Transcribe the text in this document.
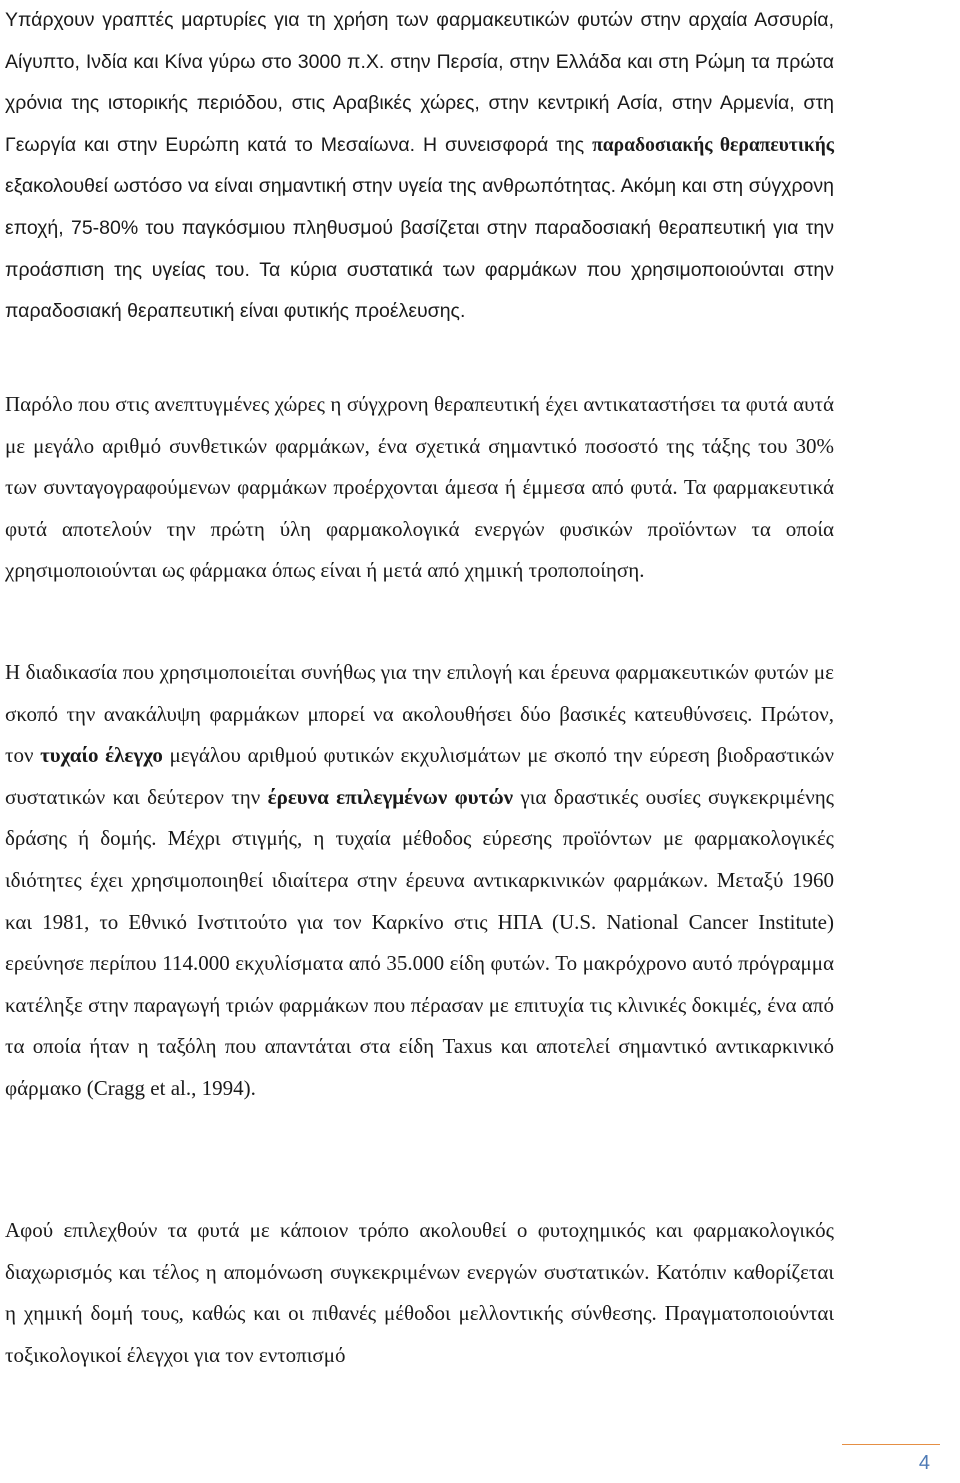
Υπάρχουν γραπτές μαρτυρίες για τη χρήση των φαρμακευτικών φυτών στην αρχαία Ασσυρία, Αίγυπτο, Ινδία και Κίνα γύρω στο 3000 π.Χ. στην Περσία, στην Ελλάδα και στη Ρώμη τα πρώτα χρόνια της ιστορικής περιόδου, στις Αραβικές χώρες, στην κεντρική Ασία, στην Αρμενία, στη Γεωργία και στην Ευρώπη κατά το Μεσαίωνα. Η συνεισφορά της παραδοσιακής θεραπευτικής εξακολουθεί ωστόσο να είναι σημαντική στην υγεία της ανθρωπότητας. Ακόμη και στη σύγχρονη εποχή, 75-80% του παγκόσμιου πληθυσμού βασίζεται στην παραδοσιακή θεραπευτική για την προάσπιση της υγείας του. Τα κύρια συστατικά των φαρμάκων που χρησιμοποιούνται στην παραδοσιακή θεραπευτική είναι φυτικής προέλευσης.

Παρόλο που στις ανεπτυγμένες χώρες η σύγχρονη θεραπευτική έχει αντικαταστήσει τα φυτά αυτά με μεγάλο αριθμό συνθετικών φαρμάκων, ένα σχετικά σημαντικό ποσοστό της τάξης του 30% των συνταγογραφούμενων φαρμάκων προέρχονται άμεσα ή έμμεσα από φυτά. Τα φαρμακευτικά φυτά αποτελούν την πρώτη ύλη φαρμακολογικά ενεργών φυσικών προϊόντων τα οποία χρησιμοποιούνται ως φάρμακα όπως είναι ή μετά από χημική τροποποίηση.

Η διαδικασία που χρησιμοποιείται συνήθως για την επιλογή και έρευνα φαρμακευτικών φυτών με σκοπό την ανακάλυψη φαρμάκων μπορεί να ακολουθήσει δύο βασικές κατευθύνσεις. Πρώτον, τον τυχαίο έλεγχο μεγάλου αριθμού φυτικών εκχυλισμάτων με σκοπό την εύρεση βιοδραστικών συστατικών και δεύτερον την έρευνα επιλεγμένων φυτών για δραστικές ουσίες συγκεκριμένης δράσης ή δομής. Μέχρι στιγμής, η τυχαία μέθοδος εύρεσης προϊόντων με φαρμακολογικές ιδιότητες έχει χρησιμοποιηθεί ιδιαίτερα στην έρευνα αντικαρκινικών φαρμάκων. Μεταξύ 1960 και 1981, το Εθνικό Ινστιτούτο για τον Καρκίνο στις ΗΠΑ (U.S. National Cancer Institute) ερεύνησε περίπου 114.000 εκχυλίσματα από 35.000 είδη φυτών. Το μακρόχρονο αυτό πρόγραμμα κατέληξε στην παραγωγή τριών φαρμάκων που πέρασαν με επιτυχία τις κλινικές δοκιμές, ένα από τα οποία ήταν η ταξόλη που απαντάται στα είδη Taxus και αποτελεί σημαντικό αντικαρκινικό φάρμακο (Cragg et al., 1994).

Αφού επιλεχθούν τα φυτά με κάποιον τρόπο ακολουθεί ο φυτοχημικός και φαρμακολογικός διαχωρισμός και τέλος η απομόνωση συγκεκριμένων ενεργών συστατικών. Κατόπιν καθορίζεται η χημική δομή τους, καθώς και οι πιθανές μέθοδοι μελλοντικής σύνθεσης. Πραγματοποιούνται τοξικολογικοί έλεγχοι για τον εντοπισμό

4
